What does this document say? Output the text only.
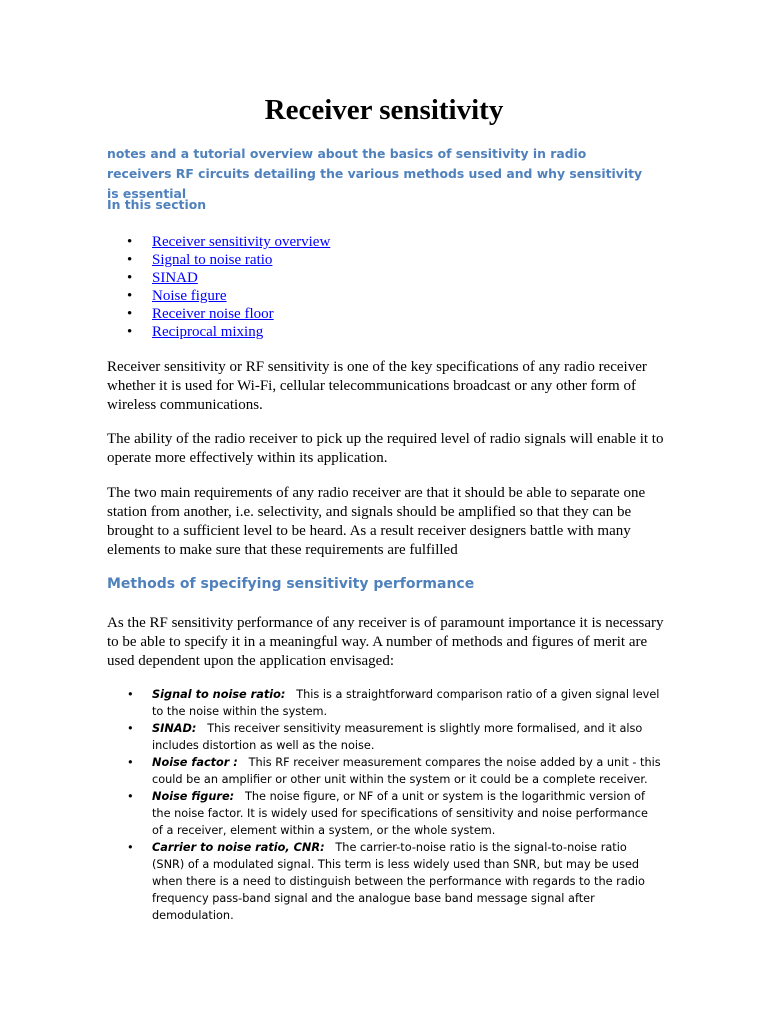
Receiver sensitivity

notes and a tutorial overview about the basics of sensitivity in radio receivers RF circuits detailing the various methods used and why sensitivity is essential

In this section

• Receiver sensitivity overview
• Signal to noise ratio
• SINAD
• Noise figure
• Receiver noise floor
• Reciprocal mixing

Receiver sensitivity or RF sensitivity is one of the key specifications of any radio receiver whether it is used for Wi-Fi, cellular telecommunications broadcast or any other form of wireless communications.

The ability of the radio receiver to pick up the required level of radio signals will enable it to operate more effectively within its application.

The two main requirements of any radio receiver are that it should be able to separate one station from another, i.e. selectivity, and signals should be amplified so that they can be brought to a sufficient level to be heard. As a result receiver designers battle with many elements to make sure that these requirements are fulfilled

Methods of specifying sensitivity performance

As the RF sensitivity performance of any receiver is of paramount importance it is necessary to be able to specify it in a meaningful way. A number of methods and figures of merit are used dependent upon the application envisaged:

• Signal to noise ratio: This is a straightforward comparison ratio of a given signal level to the noise within the system.
• SINAD: This receiver sensitivity measurement is slightly more formalised, and it also includes distortion as well as the noise.
• Noise factor : This RF receiver measurement compares the noise added by a unit - this could be an amplifier or other unit within the system or it could be a complete receiver.
• Noise figure: The noise figure, or NF of a unit or system is the logarithmic version of the noise factor. It is widely used for specifications of sensitivity and noise performance of a receiver, element within a system, or the whole system.
• Carrier to noise ratio, CNR: The carrier-to-noise ratio is the signal-to-noise ratio (SNR) of a modulated signal. This term is less widely used than SNR, but may be used when there is a need to distinguish between the performance with regards to the radio frequency pass-band signal and the analogue base band message signal after demodulation.
